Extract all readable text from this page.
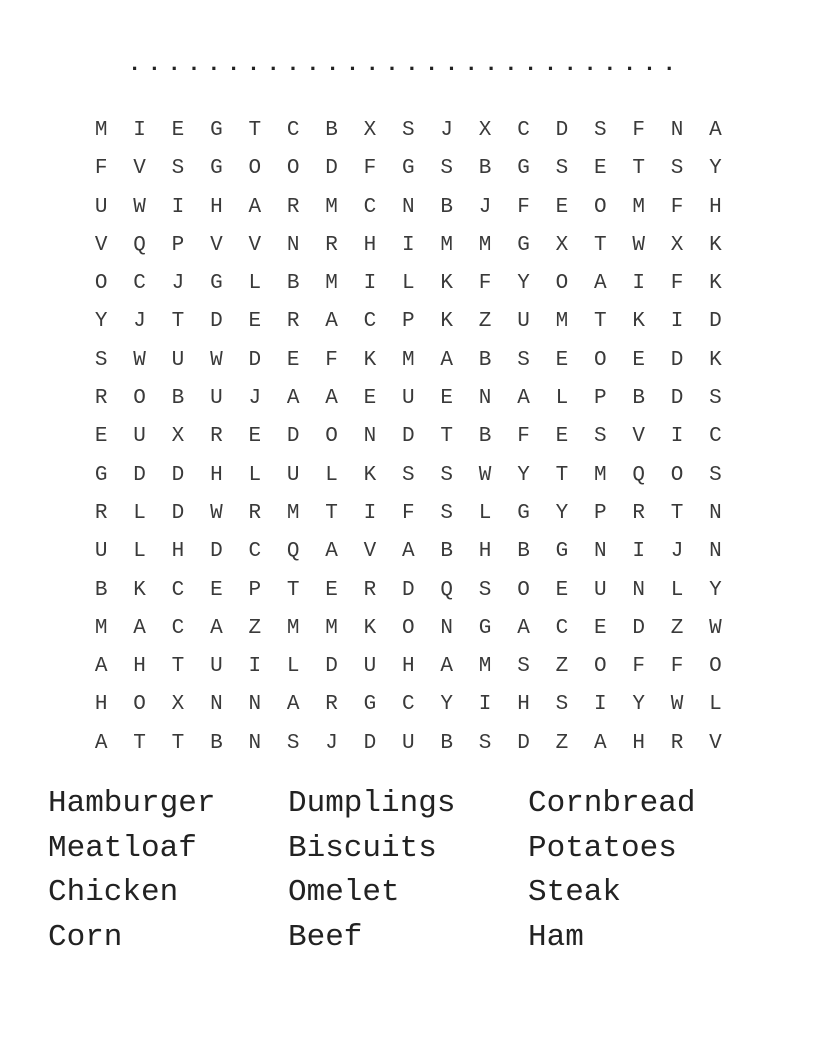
............................
M	I	E	G	T	C	B	X	S	J	X	C	D	S	F	N	A
F	V	S	G	O	O	D	F	G	S	B	G	S	E	T	S	Y
U	W	I	H	A	R	M	C	N	B	J	F	E	O	M	F	H
V	Q	P	V	V	N	R	H	I	M	M	G	X	T	W	X	K
O	C	J	G	L	B	M	I	L	K	F	Y	O	A	I	F	K
Y	J	T	D	E	R	A	C	P	K	Z	U	M	T	K	I	D
S	W	U	W	D	E	F	K	M	A	B	S	E	O	E	D	K
R	O	B	U	J	A	A	E	U	E	N	A	L	P	B	D	S
E	U	X	R	E	D	O	N	D	T	B	F	E	S	V	I	C
G	D	D	H	L	U	L	K	S	S	W	Y	T	M	Q	O	S
R	L	D	W	R	M	T	I	F	S	L	G	Y	P	R	T	N
U	L	H	D	C	Q	A	V	A	B	H	B	G	N	I	J	N
B	K	C	E	P	T	E	R	D	Q	S	O	E	U	N	L	Y
M	A	C	A	Z	M	M	K	O	N	G	A	C	E	D	Z	W
A	H	T	U	I	L	D	U	H	A	M	S	Z	O	F	F	O
H	O	X	N	N	A	R	G	C	Y	I	H	S	I	Y	W	L
A	T	T	B	N	S	J	D	U	B	S	D	Z	A	H	R	V
Hamburger	Dumplings	Cornbread
Meatloaf	Biscuits	Potatoes
Chicken	Omelet	Steak
Corn	Beef	Ham
